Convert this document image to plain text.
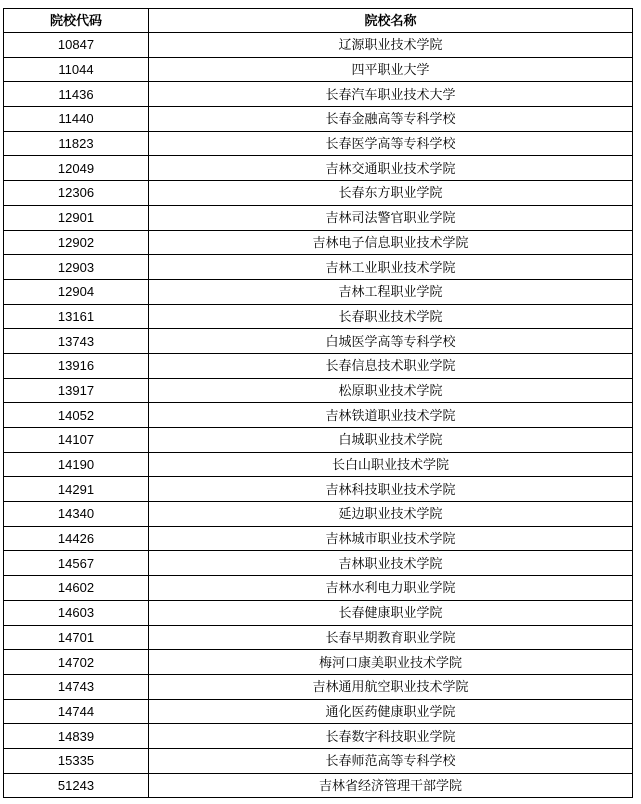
院校代码	院校名称
10847	辽源职业技术学院
11044	四平职业大学
11436	长春汽车职业技术大学
11440	长春金融高等专科学校
11823	长春医学高等专科学校
12049	吉林交通职业技术学院
12306	长春东方职业学院
12901	吉林司法警官职业学院
12902	吉林电子信息职业技术学院
12903	吉林工业职业技术学院
12904	吉林工程职业学院
13161	长春职业技术学院
13743	白城医学高等专科学校
13916	长春信息技术职业学院
13917	松原职业技术学院
14052	吉林铁道职业技术学院
14107	白城职业技术学院
14190	长白山职业技术学院
14291	吉林科技职业技术学院
14340	延边职业技术学院
14426	吉林城市职业技术学院
14567	吉林职业技术学院
14602	吉林水利电力职业学院
14603	长春健康职业学院
14701	长春早期教育职业学院
14702	梅河口康美职业技术学院
14743	吉林通用航空职业技术学院
14744	通化医药健康职业学院
14839	长春数字科技职业学院
15335	长春师范高等专科学校
51243	吉林省经济管理干部学院
